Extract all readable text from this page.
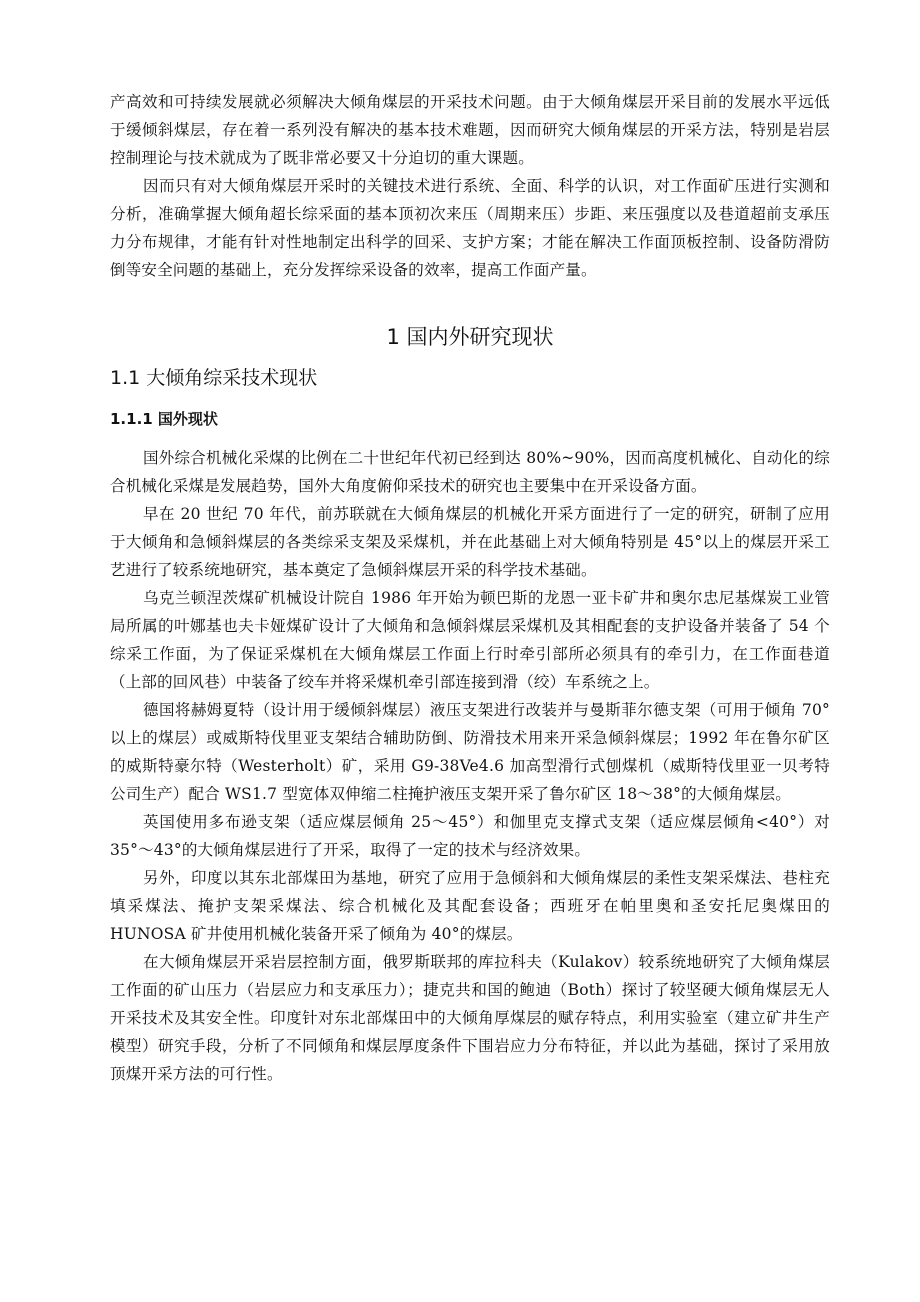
产高效和可持续发展就必须解决大倾角煤层的开采技术问题。由于大倾角煤层开采目前的发展水平远低于缓倾斜煤层，存在着一系列没有解决的基本技术难题，因而研究大倾角煤层的开采方法，特别是岩层控制理论与技术就成为了既非常必要又十分迫切的重大课题。

因而只有对大倾角煤层开采时的关键技术进行系统、全面、科学的认识，对工作面矿压进行实测和分析，准确掌握大倾角超长综采面的基本顶初次来压（周期来压）步距、来压强度以及巷道超前支承压力分布规律，才能有针对性地制定出科学的回采、支护方案；才能在解决工作面顶板控制、设备防滑防倒等安全问题的基础上，充分发挥综采设备的效率，提高工作面产量。

1 国内外研究现状
1.1 大倾角综采技术现状
1.1.1 国外现状

国外综合机械化采煤的比例在二十世纪年代初已经到达 80%~90%，因而高度机械化、自动化的综合机械化采煤是发展趋势，国外大角度俯仰采技术的研究也主要集中在开采设备方面。

早在 20 世纪 70 年代，前苏联就在大倾角煤层的机械化开采方面进行了一定的研究，研制了应用于大倾角和急倾斜煤层的各类综采支架及采煤机，并在此基础上对大倾角特别是 45°以上的煤层开采工艺进行了较系统地研究，基本奠定了急倾斜煤层开采的科学技术基础。

乌克兰顿涅茨煤矿机械设计院自 1986 年开始为顿巴斯的龙恩一亚卡矿井和奥尔忠尼基煤炭工业管局所属的叶娜基也夫卡娅煤矿设计了大倾角和急倾斜煤层采煤机及其相配套的支护设备并装备了 54 个综采工作面，为了保证采煤机在大倾角煤层工作面上行时牵引部所必须具有的牵引力，在工作面巷道（上部的回风巷）中装备了绞车并将采煤机牵引部连接到滑（绞）车系统之上。

德国将赫姆夏特（设计用于缓倾斜煤层）液压支架进行改装并与曼斯菲尔德支架（可用于倾角 70° 以上的煤层）或威斯特伐里亚支架结合辅助防倒、防滑技术用来开采急倾斜煤层；1992 年在鲁尔矿区的威斯特豪尔特（Westerholt）矿，采用 G9-38Ve4.6 加高型滑行式刨煤机（威斯特伐里亚一贝考特公司生产）配合 WS1.7 型宽体双伸缩二柱掩护液压支架开采了鲁尔矿区 18～38°的大倾角煤层。

英国使用多布逊支架（适应煤层倾角 25～45°）和伽里克支撑式支架（适应煤层倾角<40°）对 35°～43°的大倾角煤层进行了开采，取得了一定的技术与经济效果。

另外，印度以其东北部煤田为基地，研究了应用于急倾斜和大倾角煤层的柔性支架采煤法、巷柱充填采煤法、掩护支架采煤法、综合机械化及其配套设备；西班牙在帕里奥和圣安托尼奥煤田的 HUNOSA 矿井使用机械化装备开采了倾角为 40°的煤层。

在大倾角煤层开采岩层控制方面，俄罗斯联邦的库拉科夫（Kulakov）较系统地研究了大倾角煤层工作面的矿山压力（岩层应力和支承压力）；捷克共和国的鲍迪（Both）探讨了较坚硬大倾角煤层无人开采技术及其安全性。印度针对东北部煤田中的大倾角厚煤层的赋存特点，利用实验室（建立矿井生产模型）研究手段，分析了不同倾角和煤层厚度条件下围岩应力分布特征，并以此为基础，探讨了采用放顶煤开采方法的可行性。
